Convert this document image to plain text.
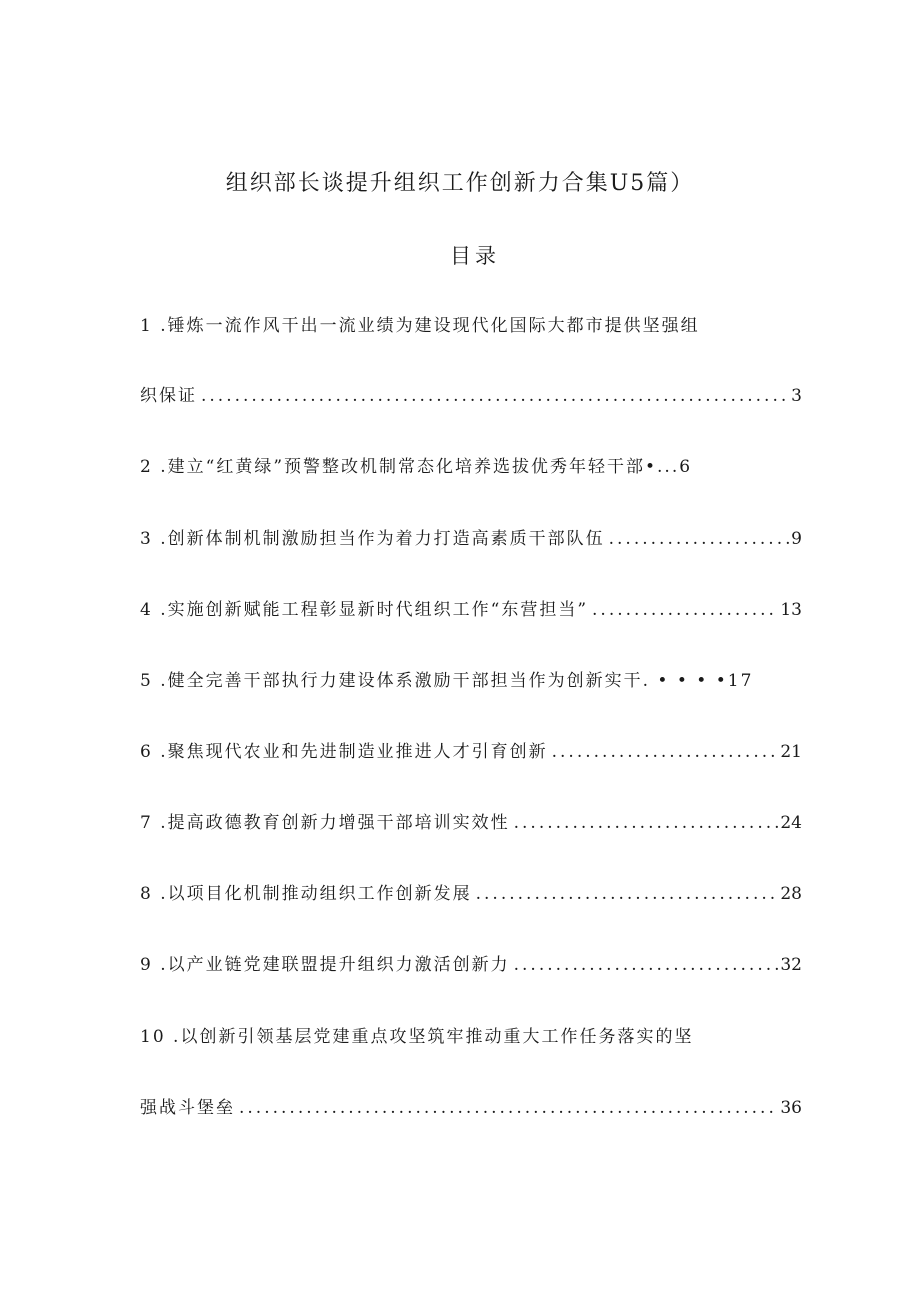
组织部长谈提升组织工作创新力合集U5篇）
目录
1 .锤炼一流作风干出一流业绩为建设现代化国际大都市提供坚强组
织保证 .....	3
2 .建立“红黄绿”预警整改机制常态化培养选拔优秀年轻干部•...6
3 .创新体制机制激励担当作为着力打造高素质干部队伍 .....	9
4 .实施创新赋能工程彰显新时代组织工作“东营担当” .....	13
5 .健全完善干部执行力建设体系激励干部担当作为创新实干. • • • •17
6 .聚焦现代农业和先进制造业推进人才引育创新 .....	21
7 .提高政德教育创新力增强干部培训实效性 .....	24
8 .以项目化机制推动组织工作创新发展 .....	28
9 .以产业链党建联盟提升组织力激活创新力 .....	32
10 .以创新引领基层党建重点攻坚筑牢推动重大工作任务落实的坚
强战斗堡垒 .....	36
